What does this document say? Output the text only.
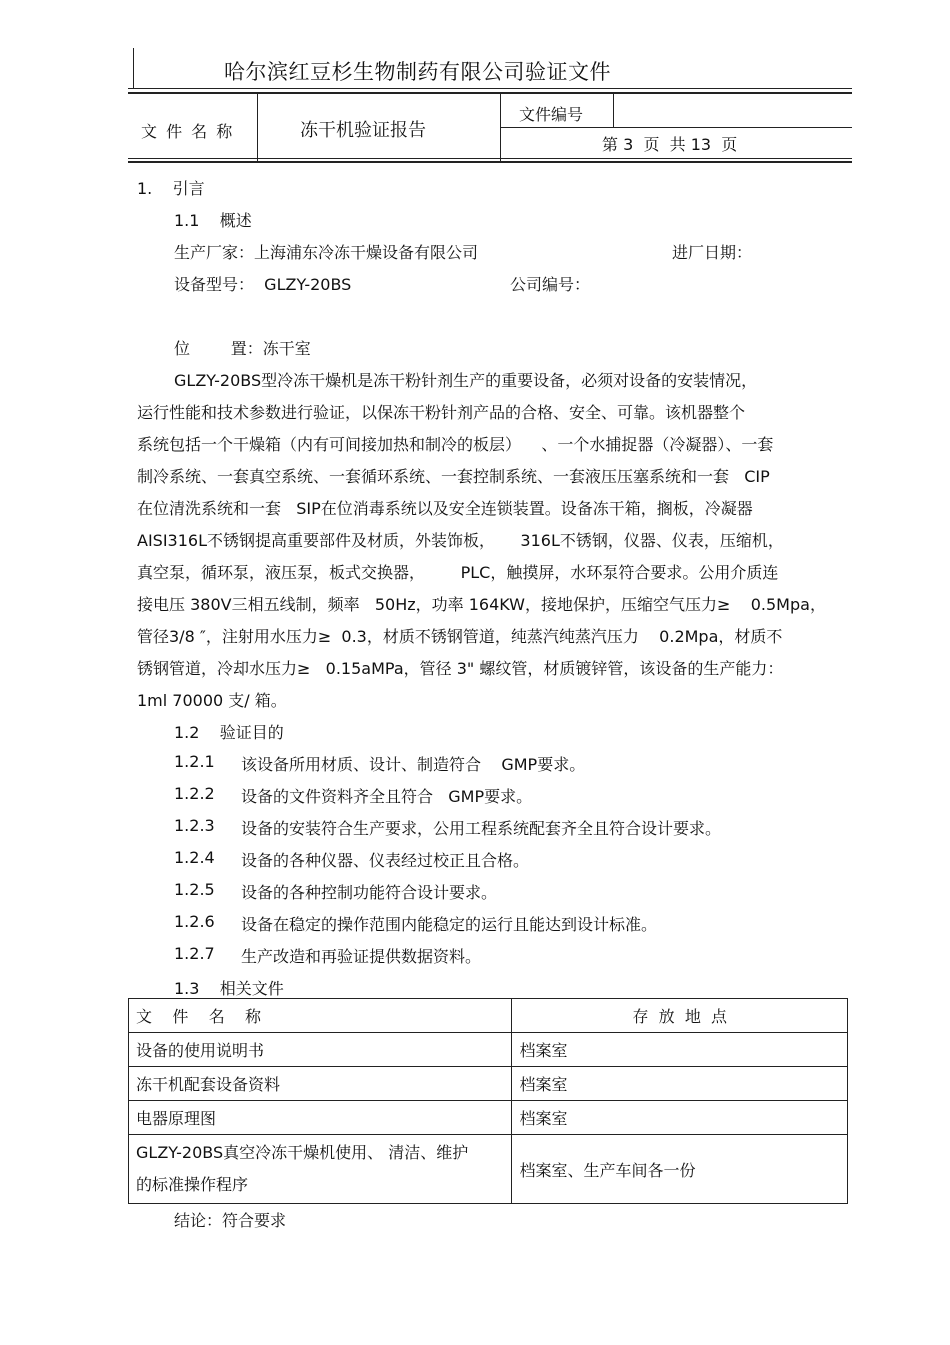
哈尔滨红豆杉生物制药有限公司验证文件
文 件 名 称	冻干机验证报告
文件编号
第 3  页  共 13  页
1.    引言
1.1    概述
生产厂家：上海浦东冷冻干燥设备有限公司	进厂日期：
设备型号：  GLZY-20BS	公司编号：
位        置：冻干室
GLZY-20BS型冷冻干燥机是冻干粉针剂生产的重要设备，必须对设备的安装情况，
运行性能和技术参数进行验证，以保冻干粉针剂产品的合格、安全、可靠。该机器整个
系统包括一个干燥箱（内有可间接加热和制冷的板层）    、一个水捕捉器（冷凝器）、一套
制冷系统、一套真空系统、一套循环系统、一套控制系统、一套液压压塞系统和一套   CIP
在位清洗系统和一套   SIP在位消毒系统以及安全连锁装置。设备冻干箱，搁板，冷凝器
AISI316L不锈钢提高重要部件及材质，外装饰板，     316L不锈钢，仪器、仪表，压缩机，
真空泵，循环泵，液压泵，板式交换器，       PLC，触摸屏，水环泵符合要求。公用介质连
接电压 380V三相五线制，频率   50Hz，功率 164KW，接地保护，压缩空气压力≥    0.5Mpa，
管径3/8 ″，注射用水压力≥  0.3，材质不锈钢管道，纯蒸汽纯蒸汽压力    0.2Mpa，材质不
锈钢管道，冷却水压力≥   0.15aMPa，管径 3" 螺纹管，材质镀锌管，该设备的生产能力：
1ml 70000 支/ 箱。
1.2    验证目的
1.2.1 该设备所用材质、设计、制造符合    GMP要求。
1.2.2 设备的文件资料齐全且符合   GMP要求。
1.2.3 设备的安装符合生产要求，公用工程系统配套齐全且符合设计要求。
1.2.4 设备的各种仪器、仪表经过校正且合格。
1.2.5 设备的各种控制功能符合设计要求。
1.2.6 设备在稳定的操作范围内能稳定的运行且能达到设计标准。
1.2.7 生产改造和再验证提供数据资料。
1.3    相关文件
文    件    名    称	存  放  地  点
设备的使用说明书	档案室
冻干机配套设备资料	档案室
电器原理图	档案室
GLZY-20BS真空冷冻干燥机使用、 清洁、维护
的标准操作程序	档案室、生产车间各一份
结论：符合要求
